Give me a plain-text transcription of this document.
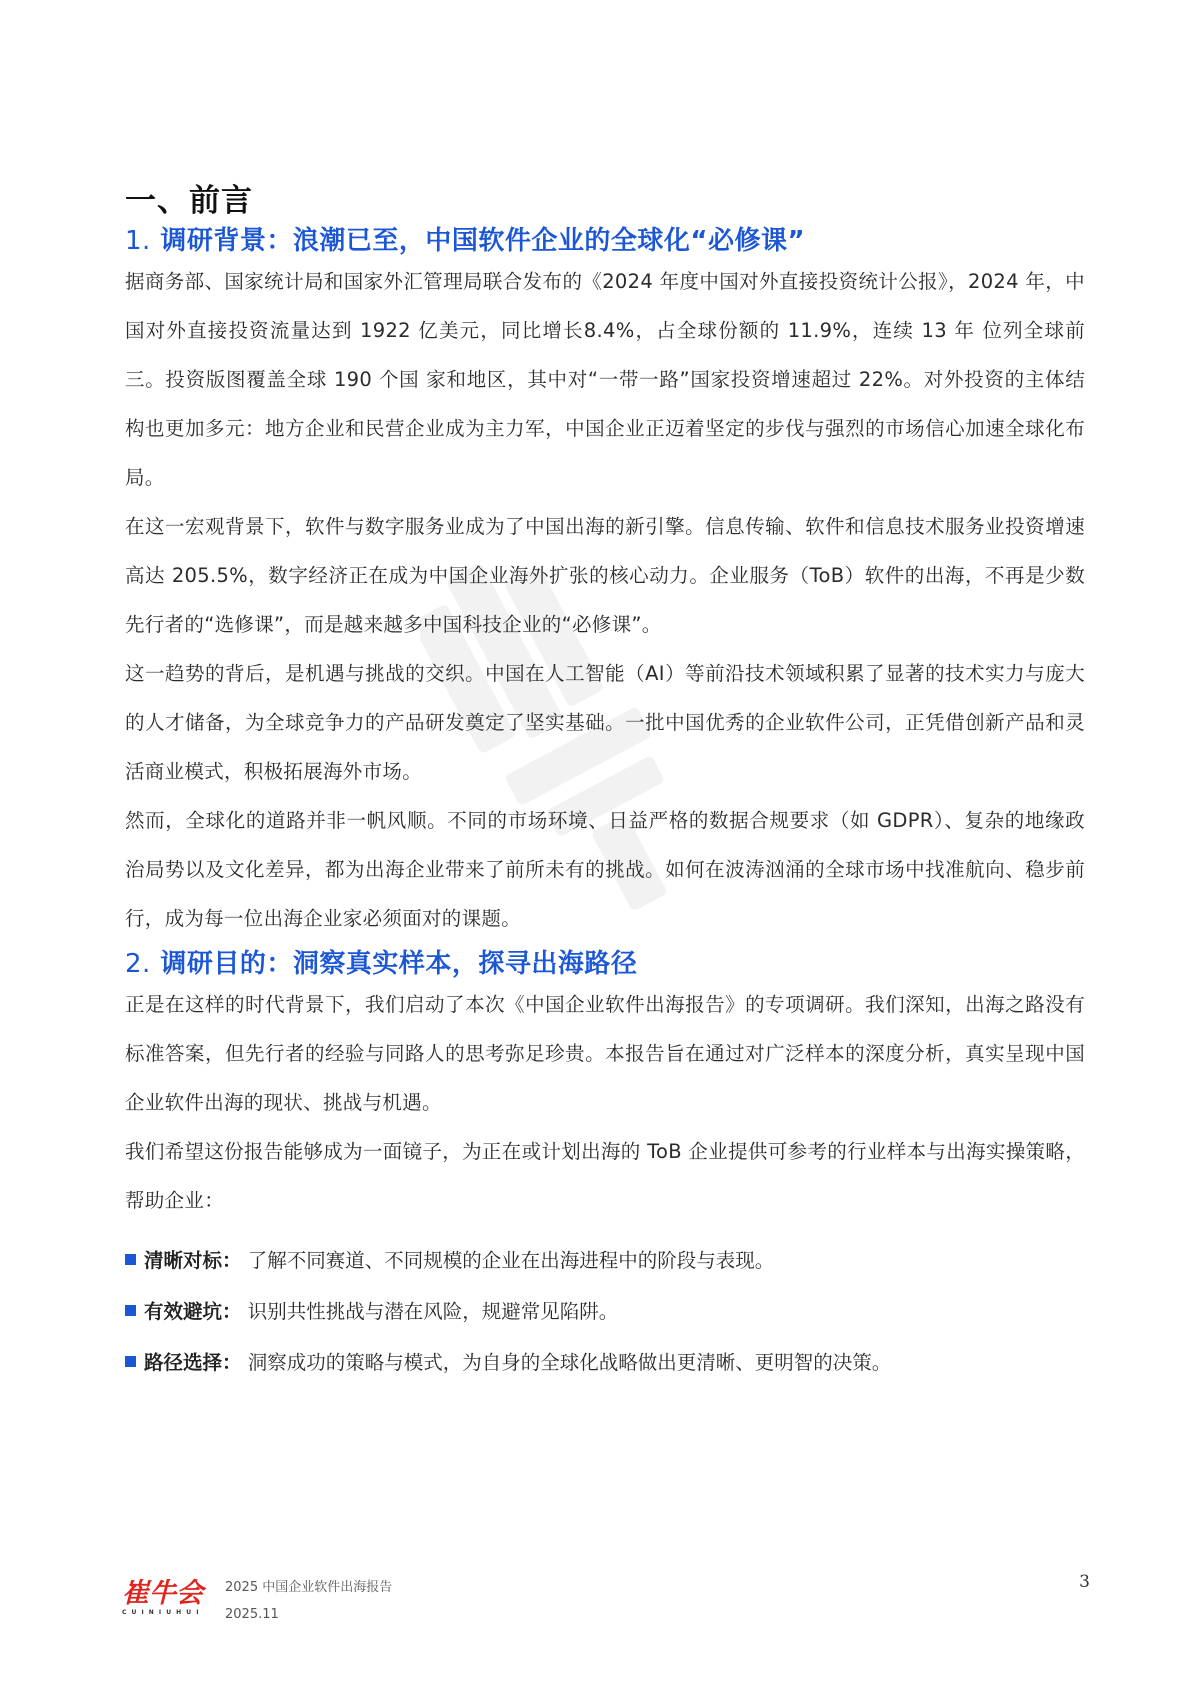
一、前言
1. 调研背景：浪潮已至，中国软件企业的全球化“必修课”

据商务部、国家统计局和国家外汇管理局联合发布的《2024 年度中国对外直接投资统计公报》，2024 年，中国对外直接投资流量达到 1922 亿美元，同比增长8.4%，占全球份额的 11.9%，连续 13 年 位列全球前三。投资版图覆盖全球 190 个国 家和地区，其中对“一带一路”国家投资增速超过 22%。对外投资的主体结构也更加多元：地方企业和民营企业成为主力军，中国企业正迈着坚定的步伐与强烈的市场信心加速全球化布局。

在这一宏观背景下，软件与数字服务业成为了中国出海的新引擎。信息传输、软件和信息技术服务业投资增速高达 205.5%，数字经济正在成为中国企业海外扩张的核心动力。企业服务（ToB）软件的出海，不再是少数先行者的“选修课”，而是越来越多中国科技企业的“必修课”。

这一趋势的背后，是机遇与挑战的交织。中国在人工智能（AI）等前沿技术领域积累了显著的技术实力与庞大的人才储备，为全球竞争力的产品研发奠定了坚实基础。一批中国优秀的企业软件公司，正凭借创新产品和灵活商业模式，积极拓展海外市场。

然而，全球化的道路并非一帆风顺。不同的市场环境、日益严格的数据合规要求（如 GDPR）、复杂的地缘政治局势以及文化差异，都为出海企业带来了前所未有的挑战。如何在波涛汹涌的全球市场中找准航向、稳步前行，成为每一位出海企业家必须面对的课题。

2. 调研目的：洞察真实样本，探寻出海路径

正是在这样的时代背景下，我们启动了本次《中国企业软件出海报告》的专项调研。我们深知，出海之路没有标准答案，但先行者的经验与同路人的思考弥足珍贵。本报告旨在通过对广泛样本的深度分析，真实呈现中国企业软件出海的现状、挑战与机遇。

我们希望这份报告能够成为一面镜子，为正在或计划出海的 ToB 企业提供可参考的行业样本与出海实操策略，帮助企业：

清晰对标： 了解不同赛道、不同规模的企业在出海进程中的阶段与表现。
有效避坑： 识别共性挑战与潜在风险，规避常见陷阱。
路径选择： 洞察成功的策略与模式，为自身的全球化战略做出更清晰、更明智的决策。
崔牛会
C U I N I U H U I
2025 中国企业软件出海报告
2025.11
3
